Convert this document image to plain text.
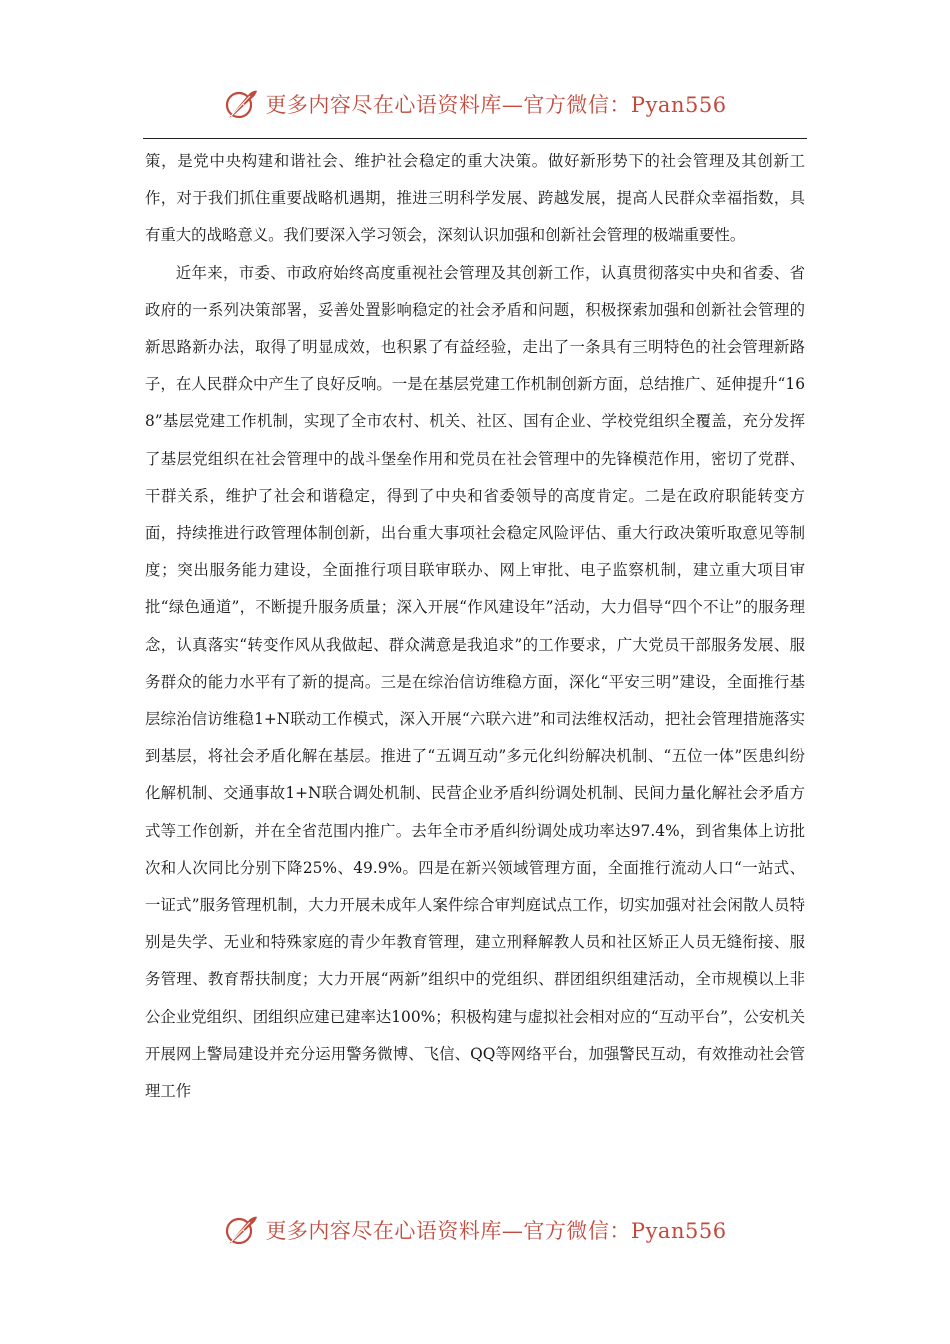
更多内容尽在心语资料库—官方微信：Pyan556

策，是党中央构建和谐社会、维护社会稳定的重大决策。做好新形势下的社会管理及其创新工作，对于我们抓住重要战略机遇期，推进三明科学发展、跨越发展，提高人民群众幸福指数，具有重大的战略意义。我们要深入学习领会，深刻认识加强和创新社会管理的极端重要性。

近年来，市委、市政府始终高度重视社会管理及其创新工作，认真贯彻落实中央和省委、省政府的一系列决策部署，妥善处置影响稳定的社会矛盾和问题，积极探索加强和创新社会管理的新思路新办法，取得了明显成效，也积累了有益经验，走出了一条具有三明特色的社会管理新路子，在人民群众中产生了良好反响。一是在基层党建工作机制创新方面，总结推广、延伸提升“168”基层党建工作机制，实现了全市农村、机关、社区、国有企业、学校党组织全覆盖，充分发挥了基层党组织在社会管理中的战斗堡垒作用和党员在社会管理中的先锋模范作用，密切了党群、干群关系，维护了社会和谐稳定，得到了中央和省委领导的高度肯定。二是在政府职能转变方面，持续推进行政管理体制创新，出台重大事项社会稳定风险评估、重大行政决策听取意见等制度；突出服务能力建设，全面推行项目联审联办、网上审批、电子监察机制，建立重大项目审批“绿色通道”，不断提升服务质量；深入开展“作风建设年”活动，大力倡导“四个不让”的服务理念，认真落实“转变作风从我做起、群众满意是我追求”的工作要求，广大党员干部服务发展、服务群众的能力水平有了新的提高。三是在综治信访维稳方面，深化“平安三明”建设，全面推行基层综治信访维稳1+N联动工作模式，深入开展“六联六进”和司法维权活动，把社会管理措施落实到基层，将社会矛盾化解在基层。推进了“五调互动”多元化纠纷解决机制、“五位一体”医患纠纷化解机制、交通事故1+N联合调处机制、民营企业矛盾纠纷调处机制、民间力量化解社会矛盾方式等工作创新，并在全省范围内推广。去年全市矛盾纠纷调处成功率达97.4%，到省集体上访批次和人次同比分别下降25%、49.9%。四是在新兴领域管理方面，全面推行流动人口“一站式、一证式”服务管理机制，大力开展未成年人案件综合审判庭试点工作，切实加强对社会闲散人员特别是失学、无业和特殊家庭的青少年教育管理，建立刑释解教人员和社区矫正人员无缝衔接、服务管理、教育帮扶制度；大力开展“两新”组织中的党组织、群团组织组建活动，全市规模以上非公企业党组织、团组织应建已建率达100%；积极构建与虚拟社会相对应的“互动平台”，公安机关开展网上警局建设并充分运用警务微博、飞信、QQ等网络平台，加强警民互动，有效推动社会管理工作

更多内容尽在心语资料库—官方微信：Pyan556
